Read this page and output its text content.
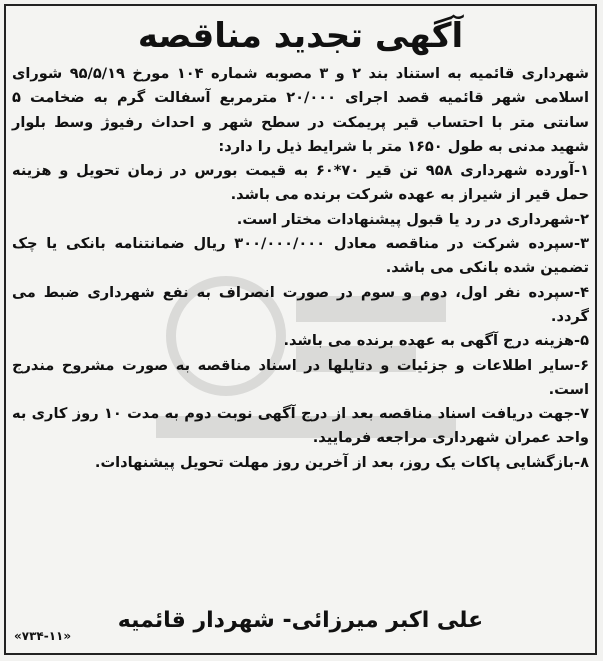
آگهی تجدید مناقصه

شهرداری قائمیه به استناد بند ۲ و ۳ مصوبه شماره ۱۰۴ مورخ ۹۵/۵/۱۹ شورای اسلامی شهر قائمیه قصد اجرای ۲۰/۰۰۰ مترمربع آسفالت گرم به ضخامت ۵ سانتی متر با احتساب قیر پریمکت در سطح شهر و احداث رفیوژ وسط بلوار شهید مدنی به طول ۱۶۵۰ متر با شرایط ذیل را دارد:

۱-آورده شهرداری ۹۵۸ تن قیر ۷۰*۶۰ به قیمت بورس در زمان تحویل و هزینه حمل قیر از شیراز به عهده شرکت برنده می باشد.

۲-شهرداری در رد یا قبول پیشنهادات مختار است.

۳-سپرده شرکت در مناقصه معادل ۳۰۰/۰۰۰/۰۰۰ ریال ضمانتنامه بانکی یا چک تضمین شده بانکی می باشد.

۴-سپرده نفر اول، دوم و سوم در صورت انصراف به نفع شهرداری ضبط می گردد.

۵-هزینه درج آگهی به عهده برنده می باشد.

۶-سایر اطلاعات و جزئیات و دتایلها در اسناد مناقصه به صورت مشروح مندرج است.

۷-جهت دریافت اسناد مناقصه بعد از درج آگهی نوبت دوم به مدت ۱۰ روز کاری به واحد عمران شهرداری مراجعه فرمایید.

۸-بازگشایی پاکات یک روز، بعد از آخرین روز مهلت تحویل پیشنهادات.

علی اکبر میرزائی- شهردار قائمیه
«۷۳۴-۱۱»
